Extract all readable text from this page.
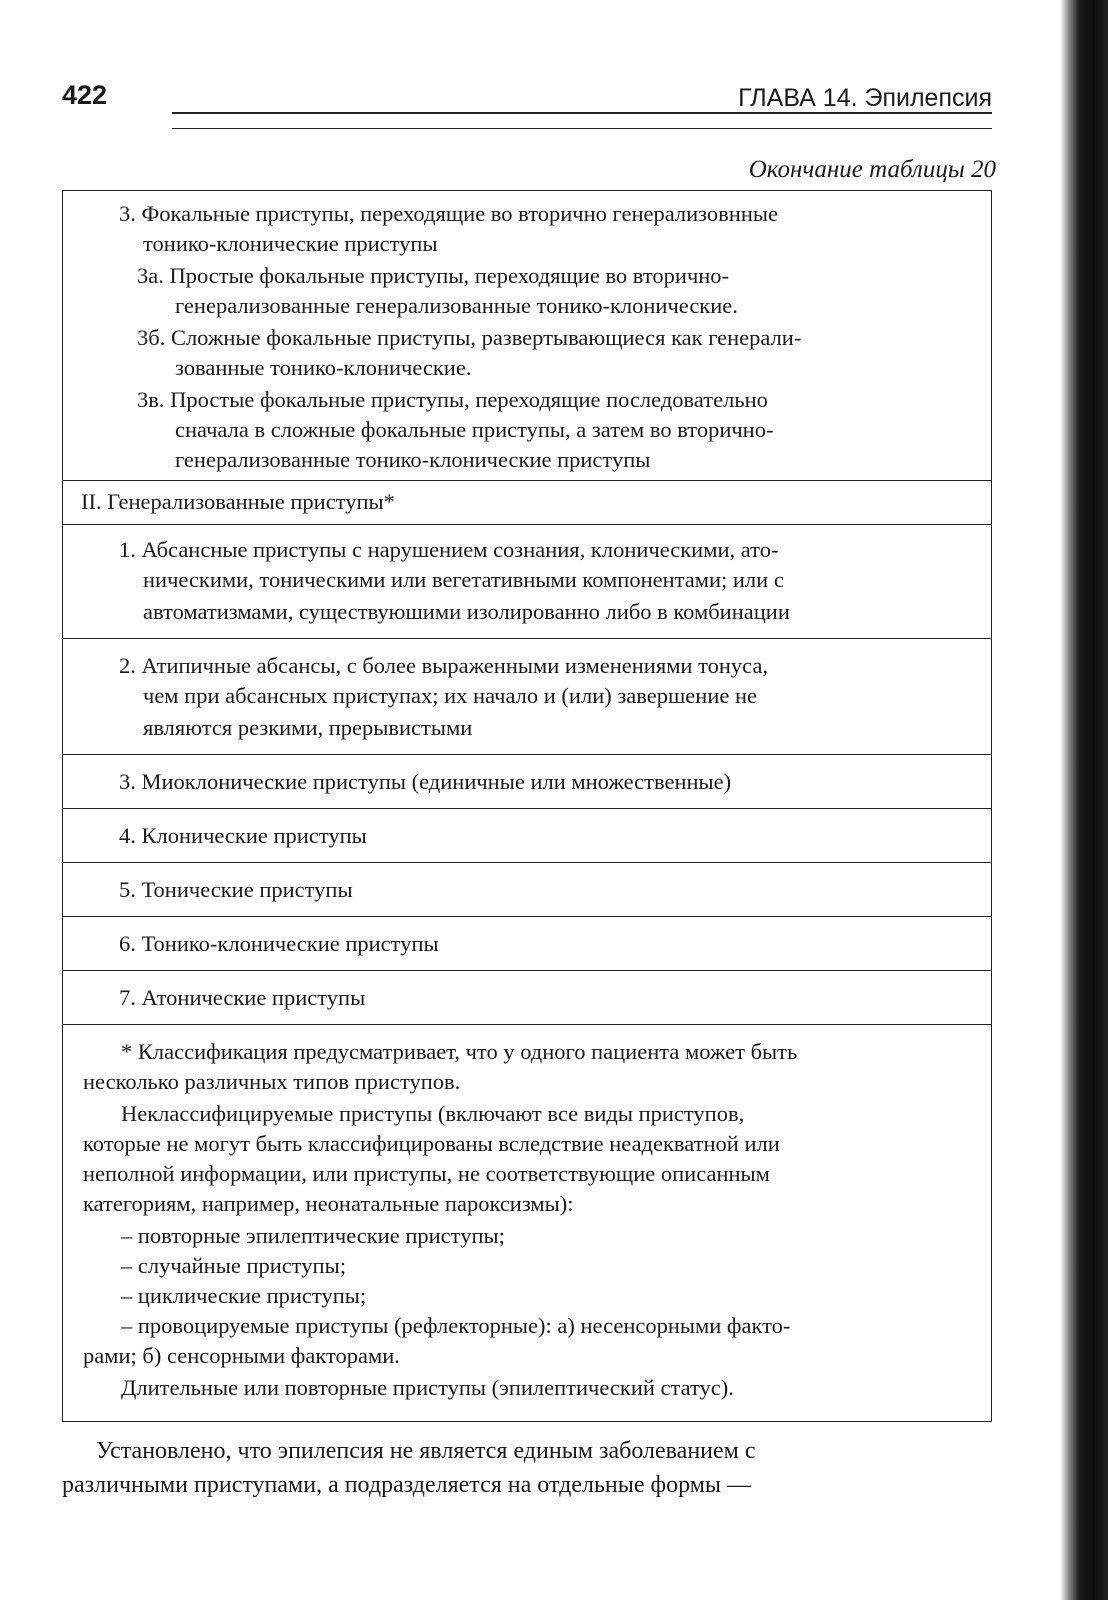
422	ГЛАВА 14. Эпилепсия
Окончание таблицы 20
3. Фокальные приступы, переходящие во вторично генерализовнные
тонико-клонические приступы
3а. Простые фокальные приступы, переходящие во вторично-
генерализованные генерализованные тонико-клонические.
3б. Сложные фокальные приступы, развертывающиеся как генерали-
зованные тонико-клонические.
3в. Простые фокальные приступы, переходящие последовательно
сначала в сложные фокальные приступы, а затем во вторично-
генерализованные тонико-клонические приступы
II. Генерализованные приступы*
1. Абсансные приступы с нарушением сознания, клоническими, ато-
ническими, тоническими или вегетативными компонентами; или с
автоматизмами, существуюшими изолированно либо в комбинации
2. Атипичные абсансы, с более выраженными изменениями тонуса,
чем при абсансных приступах; их начало и (или) завершение не
являются резкими, прерывистыми
3. Миоклонические приступы (единичные или множественные)
4. Клонические приступы
5. Тонические приступы
6. Тонико-клонические приступы
7. Атонические приступы
* Классификация предусматривает, что у одного пациента может быть
несколько различных типов приступов.
Неклассифицируемые приступы (включают все виды приступов,
которые не могут быть классифицированы вследствие неадекватной или
неполной информации, или приступы, не соответствующие описанным
категориям, например, неонатальные пароксизмы):
– повторные эпилептические приступы;
– случайные приступы;
– циклические приступы;
– провоцируемые приступы (рефлекторные): а) несенсорными факто-
рами; б) сенсорными факторами.
Длительные или повторные приступы (эпилептический статус).
Установлено, что эпилепсия не является единым заболеванием с
различными приступами, а подразделяется на отдельные формы —
